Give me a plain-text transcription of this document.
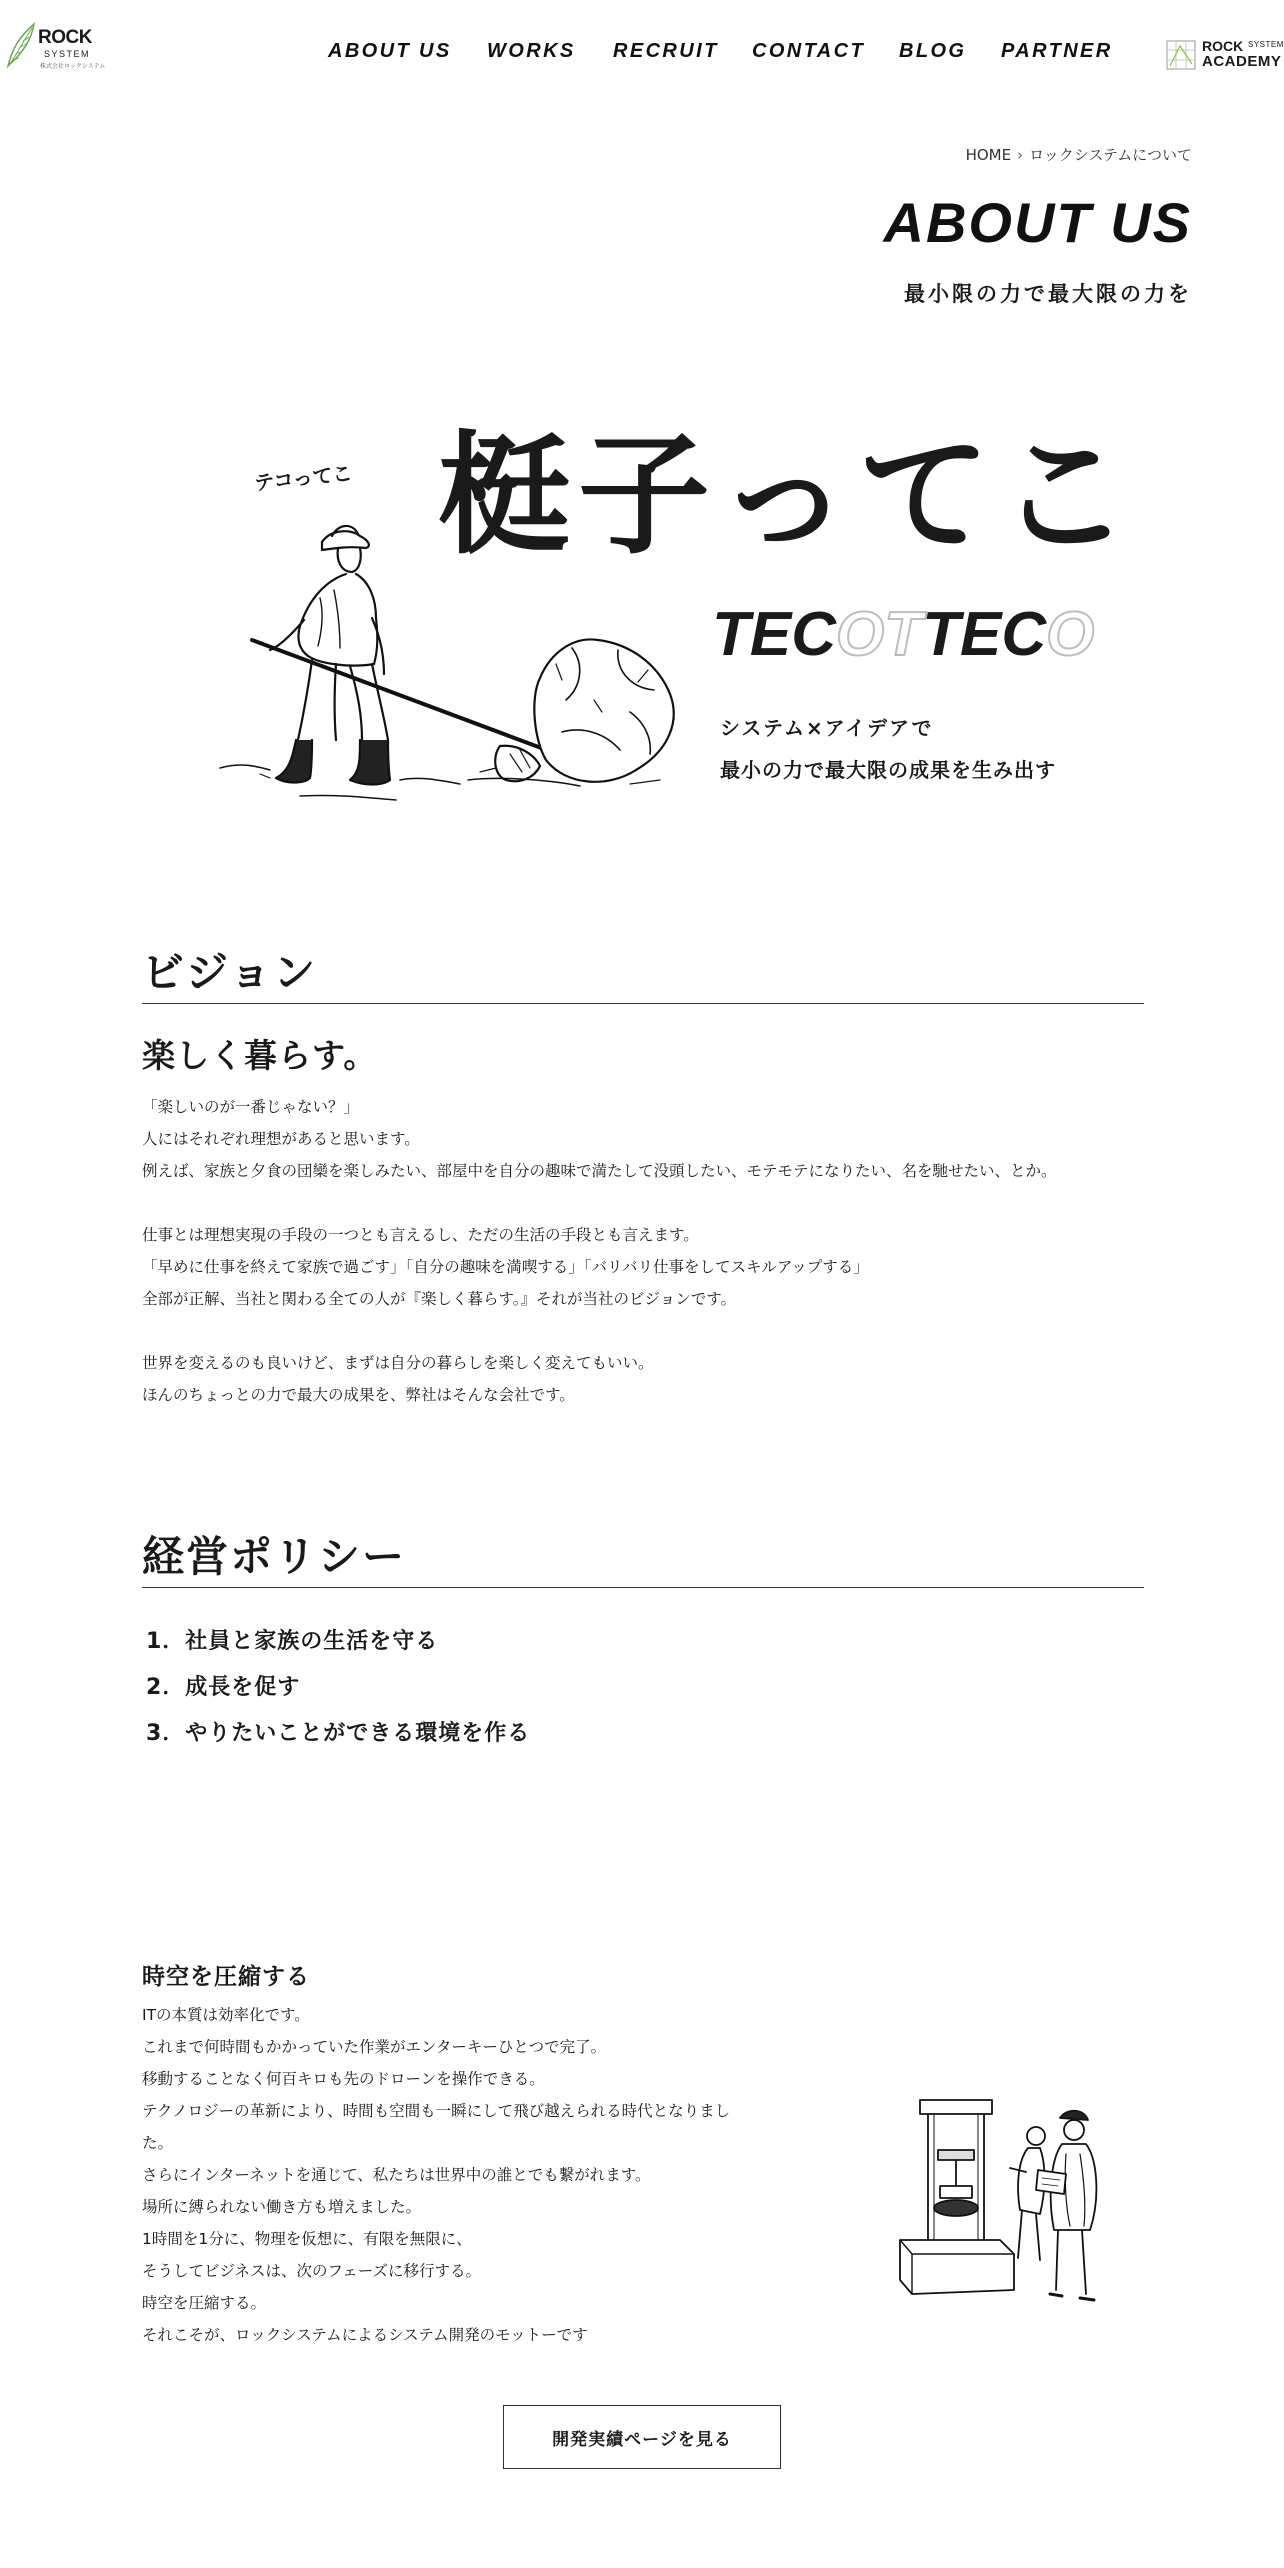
ROCK
SYSTEM
株式会社ロックシステム
ABOUT US WORKS RECRUIT CONTACT BLOG PARTNER	ROCK SYSTEM
ACADEMY
HOME › ロックシステムについて
ABOUT US
最小限の力で最大限の力を
テコってこ 梃子ってこ
TECOTTECO
システム×アイデアで
最小の力で最大限の成果を生み出す
ビジョン
楽しく暮らす。
「楽しいのが一番じゃない？」
人にはそれぞれ理想があると思います。
例えば、家族と夕食の団欒を楽しみたい、部屋中を自分の趣味で満たして没頭したい、モテモテになりたい、名を馳せたい、とか。
仕事とは理想実現の手段の一つとも言えるし、ただの生活の手段とも言えます。
「早めに仕事を終えて家族で過ごす」「自分の趣味を満喫する」「バリバリ仕事をしてスキルアップする」
全部が正解、当社と関わる全ての人が『楽しく暮らす。』それが当社のビジョンです。
世界を変えるのも良いけど、まずは自分の暮らしを楽しく変えてもいい。
ほんのちょっとの力で最大の成果を、弊社はそんな会社です。
経営ポリシー
1．社員と家族の生活を守る
2．成長を促す
3．やりたいことができる環境を作る
時空を圧縮する
ITの本質は効率化です。
これまで何時間もかかっていた作業がエンターキーひとつで完了。
移動することなく何百キロも先のドローンを操作できる。
テクノロジーの革新により、時間も空間も一瞬にして飛び越えられる時代となりまし
た。
さらにインターネットを通じて、私たちは世界中の誰とでも繋がれます。
場所に縛られない働き方も増えました。
1時間を1分に、物理を仮想に、有限を無限に、
そうしてビジネスは、次のフェーズに移行する。
時空を圧縮する。
それこそが、ロックシステムによるシステム開発のモットーです
開発実績ページを見る
